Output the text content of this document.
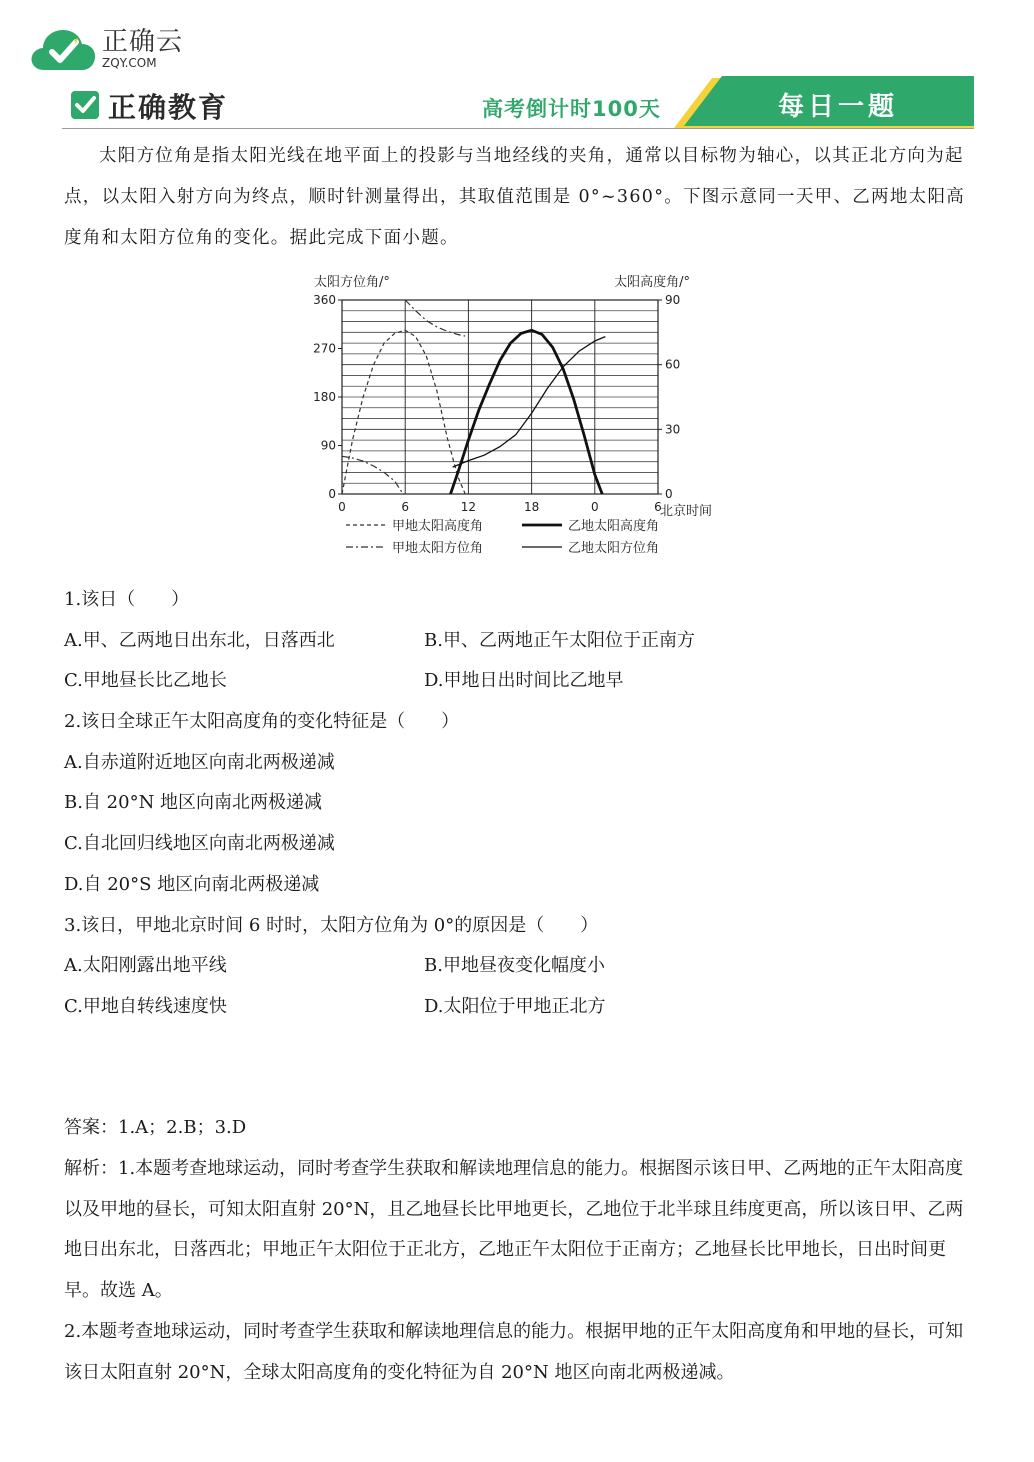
正确云
ZQY.COM
正确教育	高考倒计时100天	每日一题
太阳方位角是指太阳光线在地平面上的投影与当地经线的夹角，通常以目标物为轴心，以其正北方向为起点，以太阳入射方向为终点，顺时针测量得出，其取值范围是 0°~360°。下图示意同一天甲、乙两地太阳高度角和太阳方位角的变化。据此完成下面小题。
0
90
180
270
360
0
30
60
90
0	6	12	18	0	6
太阳方位角/°	太阳高度角/°
北京时间
甲地太阳高度角	乙地太阳高度角
甲地太阳方位角	乙地太阳方位角
1.该日（　　）
A.甲、乙两地日出东北，日落西北	B.甲、乙两地正午太阳位于正南方
C.甲地昼长比乙地长	D.甲地日出时间比乙地早
2.该日全球正午太阳高度角的变化特征是（　　）
A.自赤道附近地区向南北两极递减
B.自 20°N 地区向南北两极递减
C.自北回归线地区向南北两极递减
D.自 20°S 地区向南北两极递减
3.该日，甲地北京时间 6 时时，太阳方位角为 0°的原因是（　　）
A.太阳刚露出地平线	B.甲地昼夜变化幅度小
C.甲地自转线速度快	D.太阳位于甲地正北方

答案：1.A；2.B；3.D

解析：1.本题考查地球运动，同时考查学生获取和解读地理信息的能力。根据图示该日甲、乙两地的正午太阳高度以及甲地的昼长，可知太阳直射 20°N，且乙地昼长比甲地更长，乙地位于北半球且纬度更高，所以该日甲、乙两地日出东北，日落西北；甲地正午太阳位于正北方，乙地正午太阳位于正南方；乙地昼长比甲地长，日出时间更早。故选 A。

2.本题考查地球运动，同时考查学生获取和解读地理信息的能力。根据甲地的正午太阳高度角和甲地的昼长，可知该日太阳直射 20°N，全球太阳高度角的变化特征为自 20°N 地区向南北两极递减。
